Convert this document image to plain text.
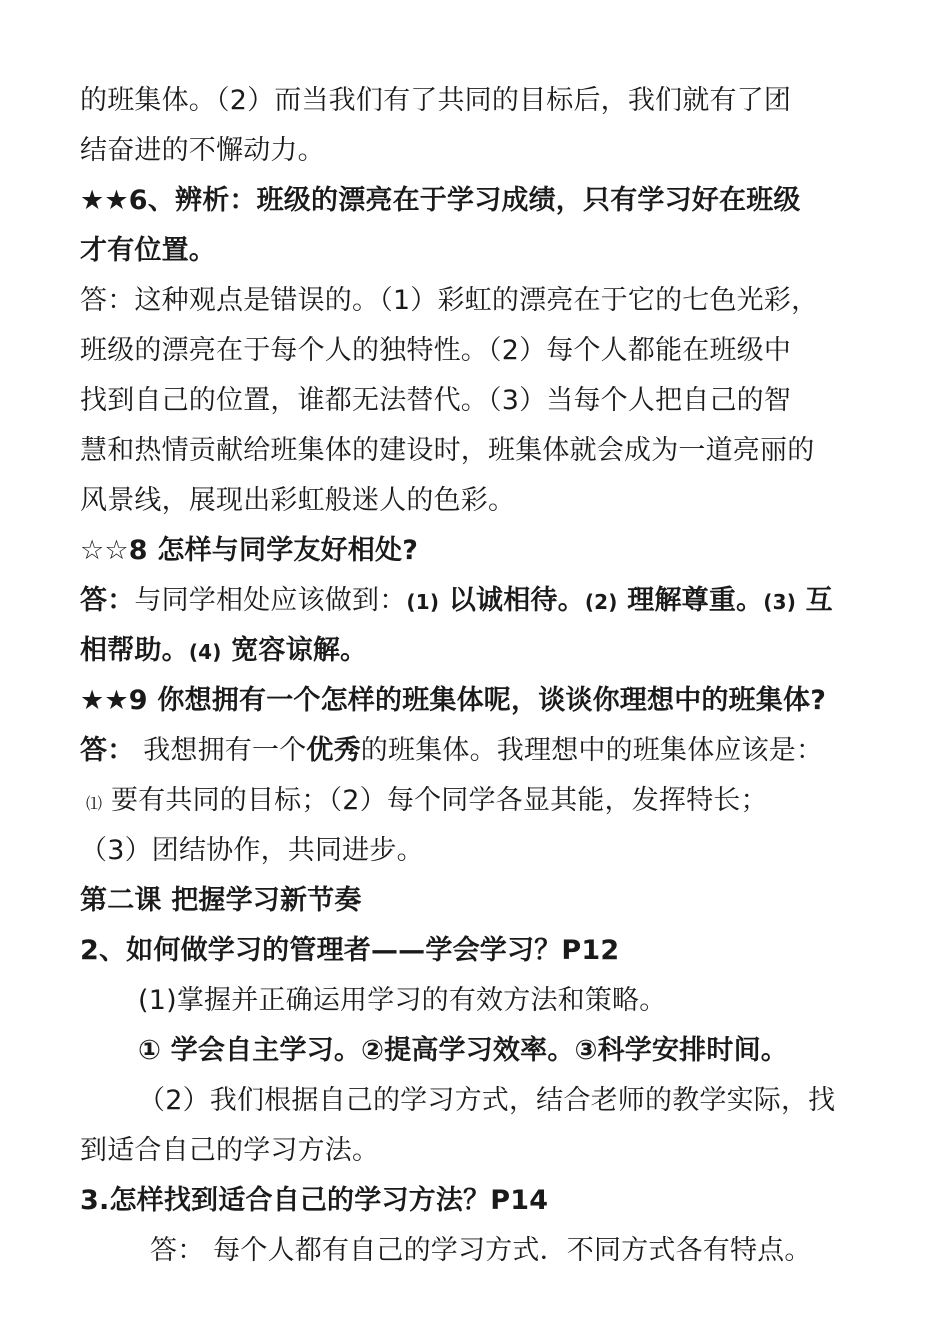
的班集体。（2）而当我们有了共同的目标后，我们就有了团
结奋进的不懈动力。
★★6、辨析：班级的漂亮在于学习成绩，只有学习好在班级
才有位置。
答：这种观点是错误的。（1）彩虹的漂亮在于它的七色光彩，
班级的漂亮在于每个人的独特性。（2）每个人都能在班级中
找到自己的位置，谁都无法替代。（3）当每个人把自己的智
慧和热情贡献给班集体的建设时，班集体就会成为一道亮丽的
风景线，展现出彩虹般迷人的色彩。
☆☆8 怎样与同学友好相处?
答：与同学相处应该做到：(1) 以诚相待。(2) 理解尊重。(3) 互
相帮助。(4) 宽容谅解。
★★9 你想拥有一个怎样的班集体呢，谈谈你理想中的班集体?
答： 我想拥有一个优秀的班集体。我理想中的班集体应该是：
⑴ 要有共同的目标；（2）每个同学各显其能，发挥特长；
（3）团结协作，共同进步。
第二课 把握学习新节奏
2、如何做学习的管理者——学会学习？P12
(1)掌握并正确运用学习的有效方法和策略。
① 学会自主学习。②提高学习效率。③科学安排时间。
（2）我们根据自己的学习方式，结合老师的教学实际，找
到适合自己的学习方法。
3.怎样找到适合自己的学习方法？P14
答： 每个人都有自己的学习方式．不同方式各有特点。
